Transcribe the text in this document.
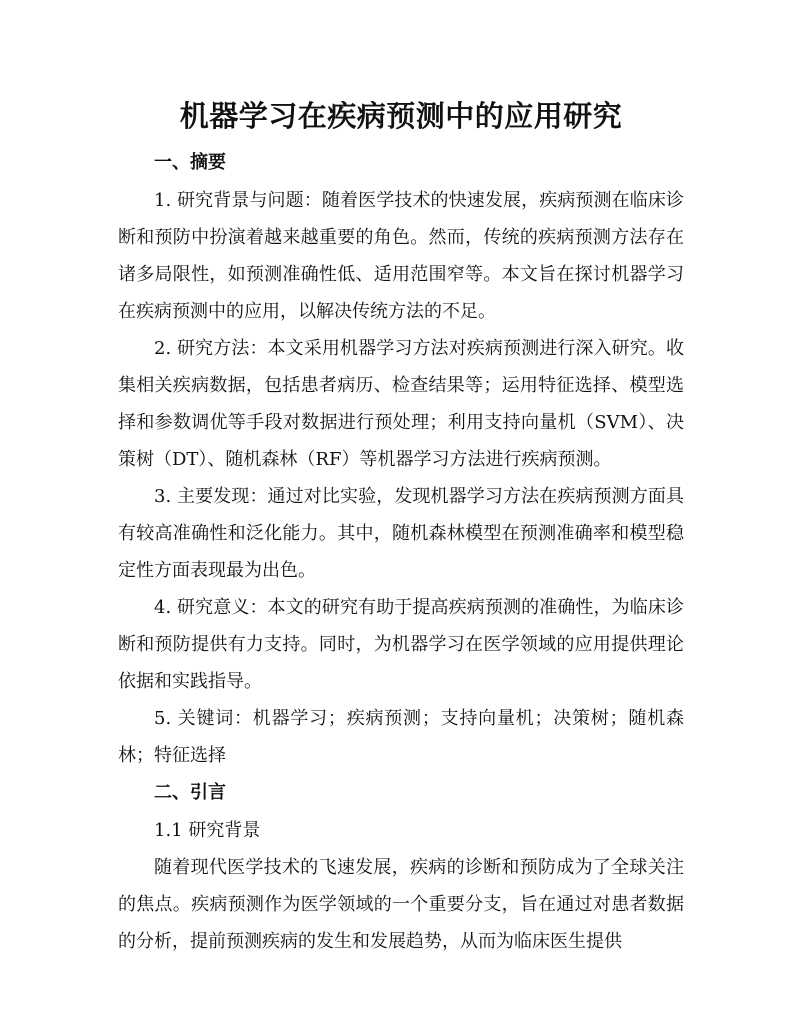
机器学习在疾病预测中的应用研究
一、摘要

1. 研究背景与问题：随着医学技术的快速发展，疾病预测在临床诊断和预防中扮演着越来越重要的角色。然而，传统的疾病预测方法存在诸多局限性，如预测准确性低、适用范围窄等。本文旨在探讨机器学习在疾病预测中的应用，以解决传统方法的不足。

2. 研究方法：本文采用机器学习方法对疾病预测进行深入研究。收集相关疾病数据，包括患者病历、检查结果等；运用特征选择、模型选择和参数调优等手段对数据进行预处理；利用支持向量机（SVM）、决策树（DT）、随机森林（RF）等机器学习方法进行疾病预测。

3. 主要发现：通过对比实验，发现机器学习方法在疾病预测方面具有较高准确性和泛化能力。其中，随机森林模型在预测准确率和模型稳定性方面表现最为出色。

4. 研究意义：本文的研究有助于提高疾病预测的准确性，为临床诊断和预防提供有力支持。同时，为机器学习在医学领域的应用提供理论依据和实践指导。

5. 关键词：机器学习；疾病预测；支持向量机；决策树；随机森林；特征选择

二、引言

1.1 研究背景

随着现代医学技术的飞速发展，疾病的诊断和预防成为了全球关注的焦点。疾病预测作为医学领域的一个重要分支，旨在通过对患者数据的分析，提前预测疾病的发生和发展趋势，从而为临床医生提供
